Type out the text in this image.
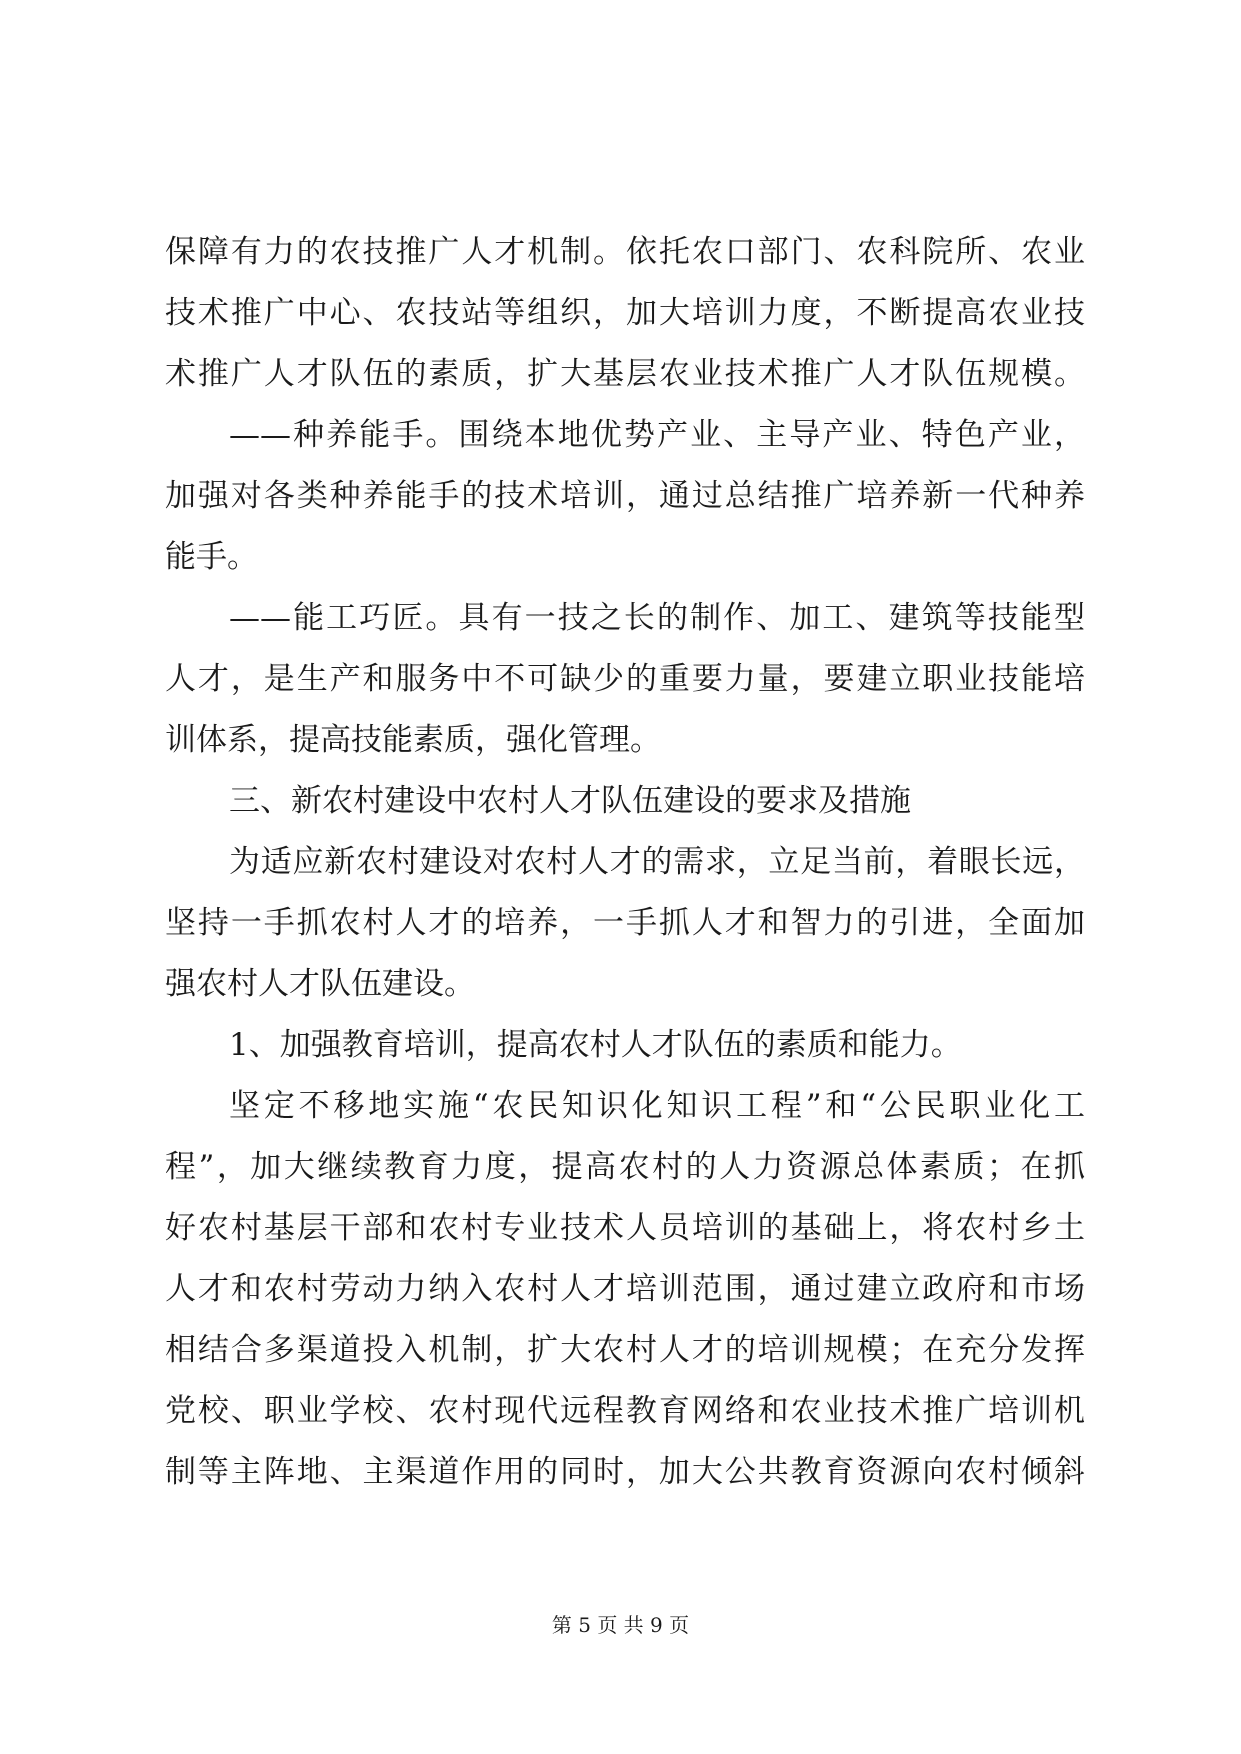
保障有力的农技推广人才机制。依托农口部门、农科院所、农业
技术推广中心、农技站等组织，加大培训力度，不断提高农业技
术推广人才队伍的素质，扩大基层农业技术推广人才队伍规模。
——种养能手。围绕本地优势产业、主导产业、特色产业，
加强对各类种养能手的技术培训，通过总结推广培养新一代种养
能手。
——能工巧匠。具有一技之长的制作、加工、建筑等技能型
人才，是生产和服务中不可缺少的重要力量，要建立职业技能培
训体系，提高技能素质，强化管理。
三、新农村建设中农村人才队伍建设的要求及措施
为适应新农村建设对农村人才的需求，立足当前，着眼长远，
坚持一手抓农村人才的培养，一手抓人才和智力的引进，全面加
强农村人才队伍建设。
1、加强教育培训，提高农村人才队伍的素质和能力。
坚定不移地实施“农民知识化知识工程”和“公民职业化工
程”，加大继续教育力度，提高农村的人力资源总体素质；在抓
好农村基层干部和农村专业技术人员培训的基础上，将农村乡土
人才和农村劳动力纳入农村人才培训范围，通过建立政府和市场
相结合多渠道投入机制，扩大农村人才的培训规模；在充分发挥
党校、职业学校、农村现代远程教育网络和农业技术推广培训机
制等主阵地、主渠道作用的同时，加大公共教育资源向农村倾斜
第 5 页 共 9 页
